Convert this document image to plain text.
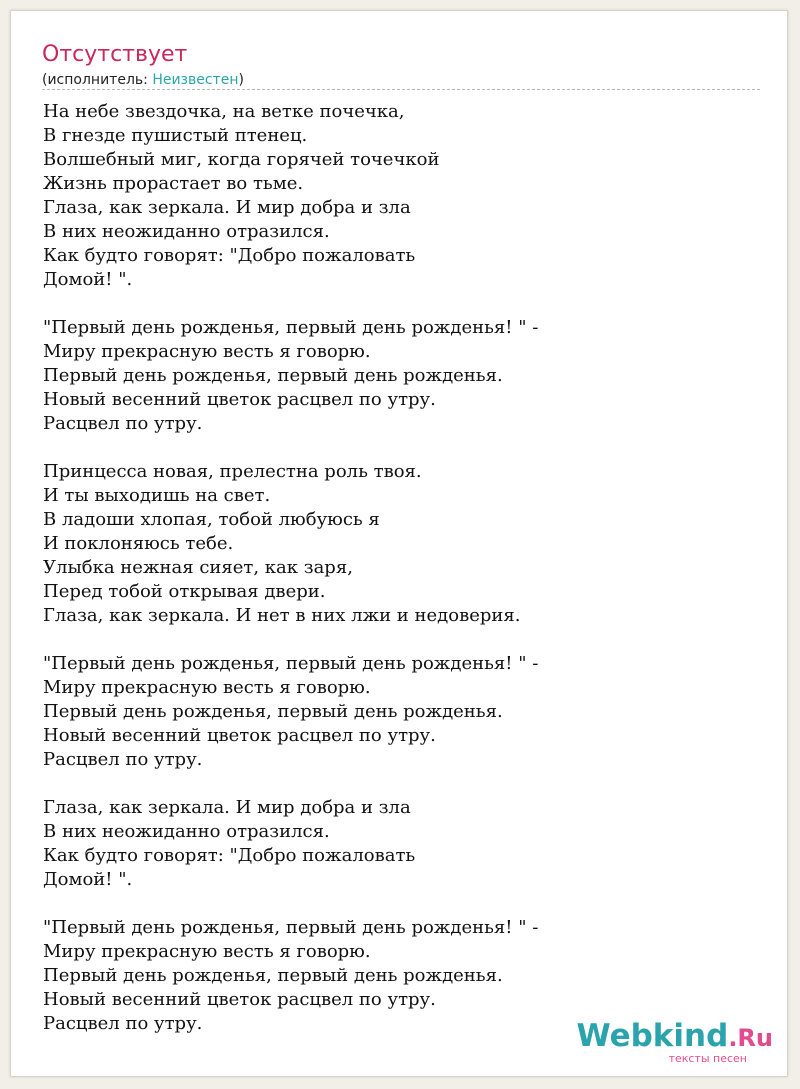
Отсутствует
(исполнитель: Неизвестен)
На небе звездочка, на ветке почечка,
В гнезде пушистый птенец.
Волшебный миг, когда горячей точечкой
Жизнь прорастает во тьме.
Глаза, как зеркала. И мир добра и зла
В них неожиданно отразился.
Как будто говорят: "Добро пожаловать
Домой! ".

"Первый день рожденья, первый день рожденья! " -
Миру прекрасную весть я говорю.
Первый день рожденья, первый день рожденья.
Новый весенний цветок расцвел по утру.
Расцвел по утру.

Принцесса новая, прелестна роль твоя.
И ты выходишь на свет.
В ладоши хлопая, тобой любуюсь я
И поклоняюсь тебе.
Улыбка нежная сияет, как заря,
Перед тобой открывая двери.
Глаза, как зеркала. И нет в них лжи и недоверия.

"Первый день рожденья, первый день рожденья! " -
Миру прекрасную весть я говорю.
Первый день рожденья, первый день рожденья.
Новый весенний цветок расцвел по утру.
Расцвел по утру.

Глаза, как зеркала. И мир добра и зла
В них неожиданно отразился.
Как будто говорят: "Добро пожаловать
Домой! ".

"Первый день рожденья, первый день рожденья! " -
Миру прекрасную весть я говорю.
Первый день рожденья, первый день рожденья.
Новый весенний цветок расцвел по утру.
Расцвел по утру.	Webkind.Ru
тексты песен
